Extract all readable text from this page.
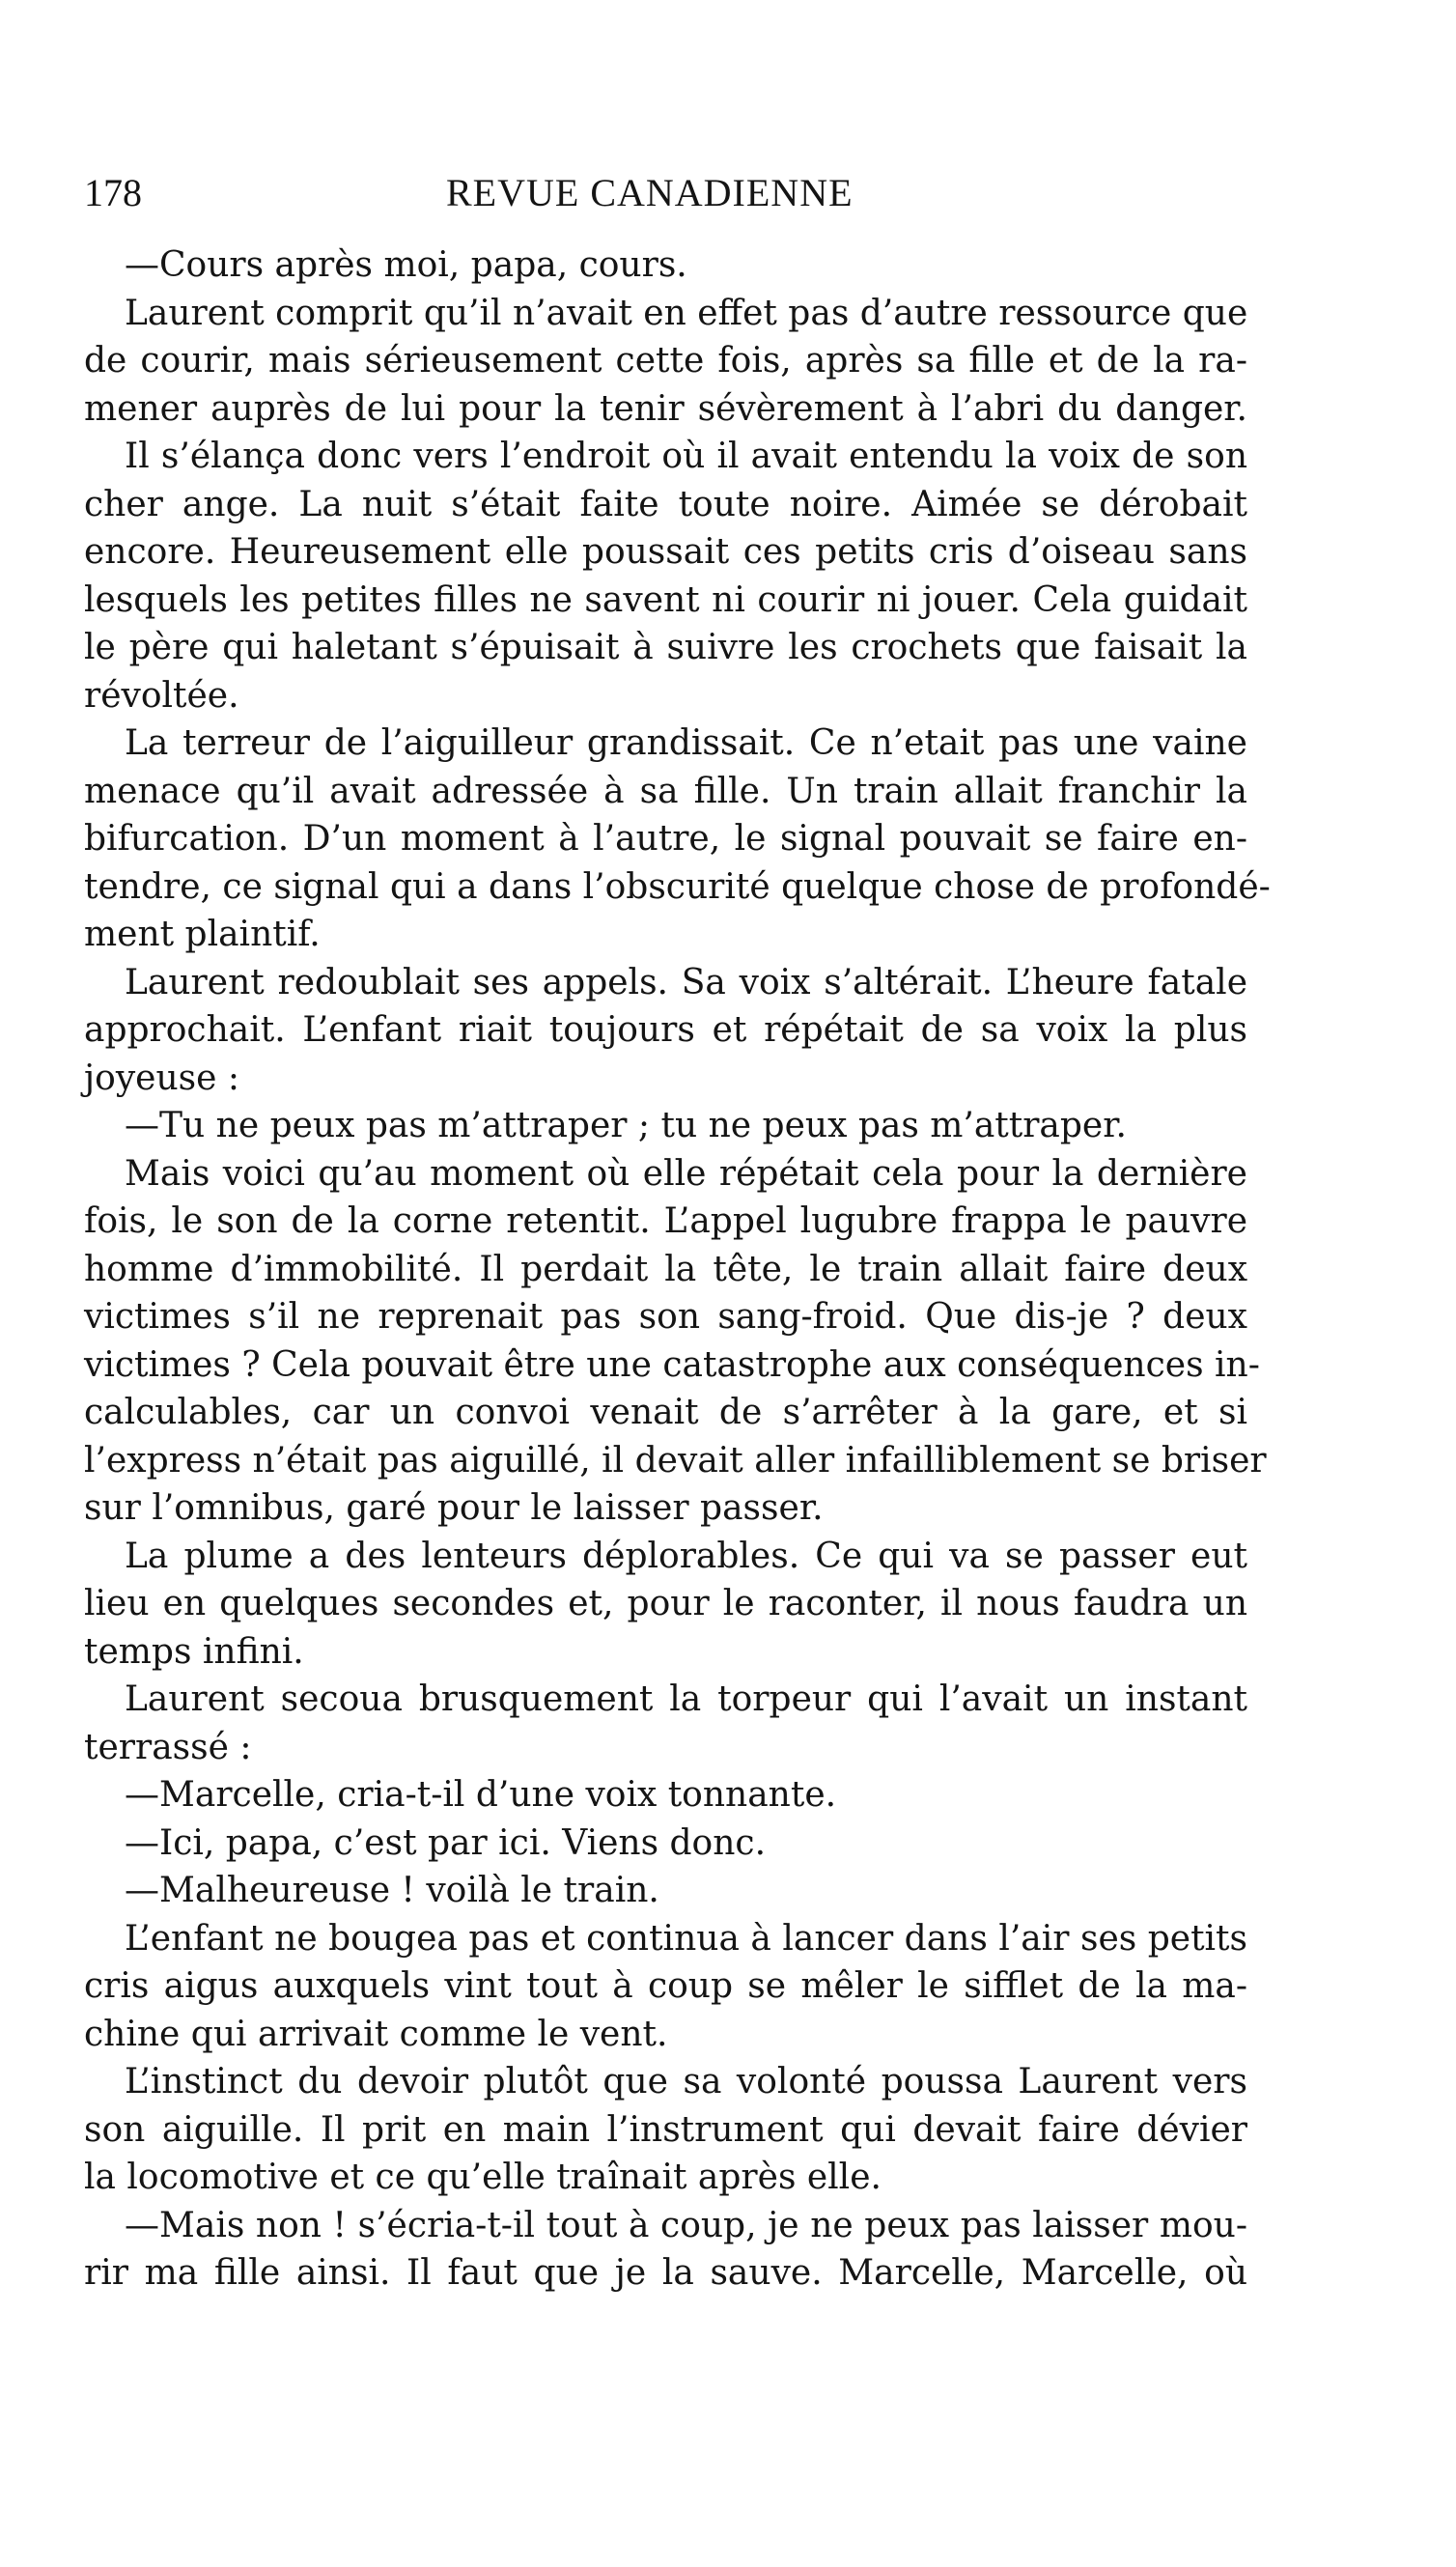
178	REVUE CANADIENNE
—Cours après moi, papa, cours.
Laurent comprit qu’il n’avait en effet pas d’autre ressource que
de courir, mais sérieusement cette fois, après sa fille et de la ra-
mener auprès de lui pour la tenir sévèrement à l’abri du danger.
Il s’élança donc vers l’endroit où il avait entendu la voix de son
cher ange. La nuit s’était faite toute noire. Aimée se dérobait
encore. Heureusement elle poussait ces petits cris d’oiseau sans
lesquels les petites filles ne savent ni courir ni jouer. Cela guidait
le père qui haletant s’épuisait à suivre les crochets que faisait la
révoltée.
La terreur de l’aiguilleur grandissait. Ce n’etait pas une vaine
menace qu’il avait adressée à sa fille. Un train allait franchir la
bifurcation. D’un moment à l’autre, le signal pouvait se faire en-
tendre, ce signal qui a dans l’obscurité quelque chose de profondé-
ment plaintif.
Laurent redoublait ses appels. Sa voix s’altérait. L’heure fatale
approchait. L’enfant riait toujours et répétait de sa voix la plus
joyeuse :
—Tu ne peux pas m’attraper ; tu ne peux pas m’attraper.
Mais voici qu’au moment où elle répétait cela pour la dernière
fois, le son de la corne retentit. L’appel lugubre frappa le pauvre
homme d’immobilité. Il perdait la tête, le train allait faire deux
victimes s’il ne reprenait pas son sang-froid. Que dis-je ? deux
victimes ? Cela pouvait être une catastrophe aux conséquences in-
calculables, car un convoi venait de s’arrêter à la gare, et si
l’express n’était pas aiguillé, il devait aller infailliblement se briser
sur l’omnibus, garé pour le laisser passer.
La plume a des lenteurs déplorables. Ce qui va se passer eut
lieu en quelques secondes et, pour le raconter, il nous faudra un
temps infini.
Laurent secoua brusquement la torpeur qui l’avait un instant
terrassé :
—Marcelle, cria-t-il d’une voix tonnante.
—Ici, papa, c’est par ici. Viens donc.
—Malheureuse ! voilà le train.
L’enfant ne bougea pas et continua à lancer dans l’air ses petits
cris aigus auxquels vint tout à coup se mêler le sifflet de la ma-
chine qui arrivait comme le vent.
L’instinct du devoir plutôt que sa volonté poussa Laurent vers
son aiguille. Il prit en main l’instrument qui devait faire dévier
la locomotive et ce qu’elle traînait après elle.
—Mais non ! s’écria-t-il tout à coup, je ne peux pas laisser mou-
rir ma fille ainsi. Il faut que je la sauve. Marcelle, Marcelle, où
